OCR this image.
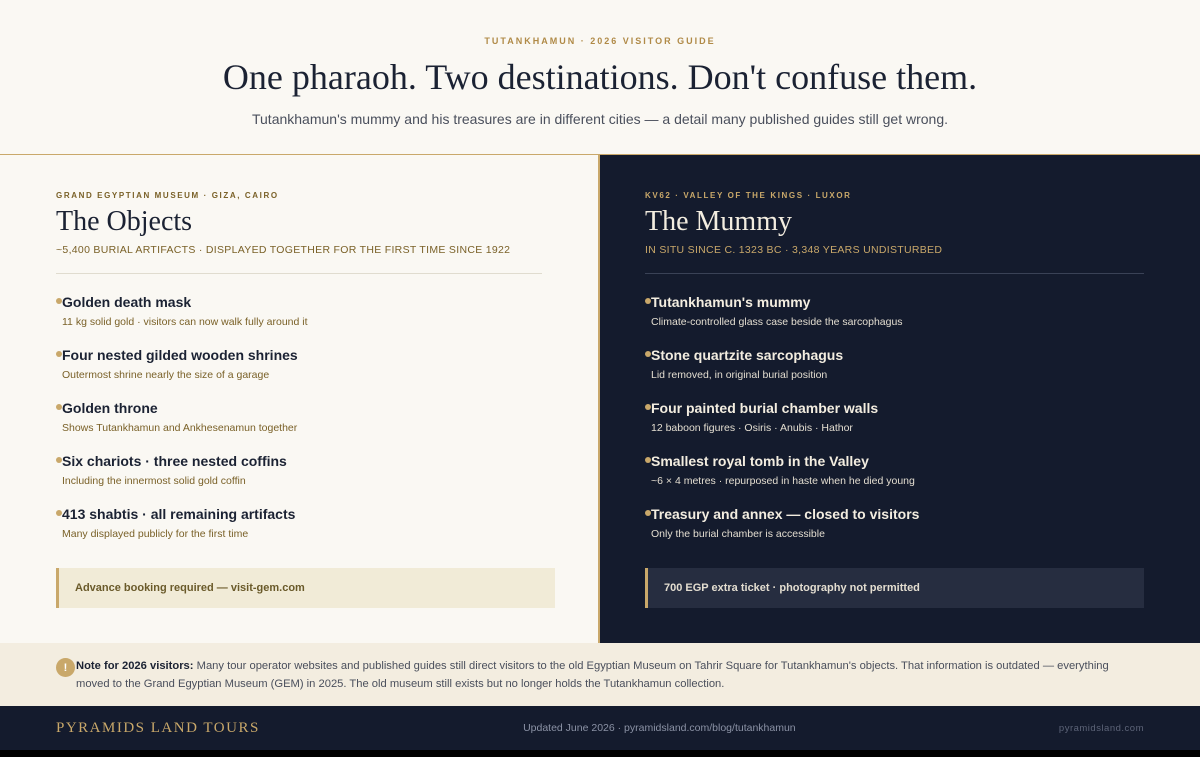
TUTANKHAMUN · 2026 VISITOR GUIDE
One pharaoh. Two destinations. Don't confuse them.

Tutankhamun's mummy and his treasures are in different cities — a detail many published guides still get wrong.

GRAND EGYPTIAN MUSEUM · GIZA, CAIRO
The Objects
~5,400 BURIAL ARTIFACTS · DISPLAYED TOGETHER FOR THE FIRST TIME SINCE 1922
Golden death mask
11 kg solid gold · visitors can now walk fully around it
Four nested gilded wooden shrines
Outermost shrine nearly the size of a garage
Golden throne
Shows Tutankhamun and Ankhesenamun together
Six chariots · three nested coffins
Including the innermost solid gold coffin
413 shabtis · all remaining artifacts
Many displayed publicly for the first time
Advance booking required — visit-gem.com
KV62 · VALLEY OF THE KINGS · LUXOR
The Mummy
IN SITU SINCE C. 1323 BC · 3,348 YEARS UNDISTURBED
Tutankhamun's mummy
Climate-controlled glass case beside the sarcophagus
Stone quartzite sarcophagus
Lid removed, in original burial position
Four painted burial chamber walls
12 baboon figures · Osiris · Anubis · Hathor
Smallest royal tomb in the Valley
~6 × 4 metres · repurposed in haste when he died young
Treasury and annex — closed to visitors
Only the burial chamber is accessible
700 EGP extra ticket · photography not permitted
! Note for 2026 visitors: Many tour operator websites and published guides still direct visitors to the old Egyptian Museum on Tahrir Square for Tutankhamun's objects. That information is outdated — everything moved to the Grand Egyptian Museum (GEM) in 2025. The old museum still exists but no longer holds the Tutankhamun collection.

PYRAMIDS LAND TOURS	Updated June 2026 · pyramidsland.com/blog/tutankhamun	pyramidsland.com
